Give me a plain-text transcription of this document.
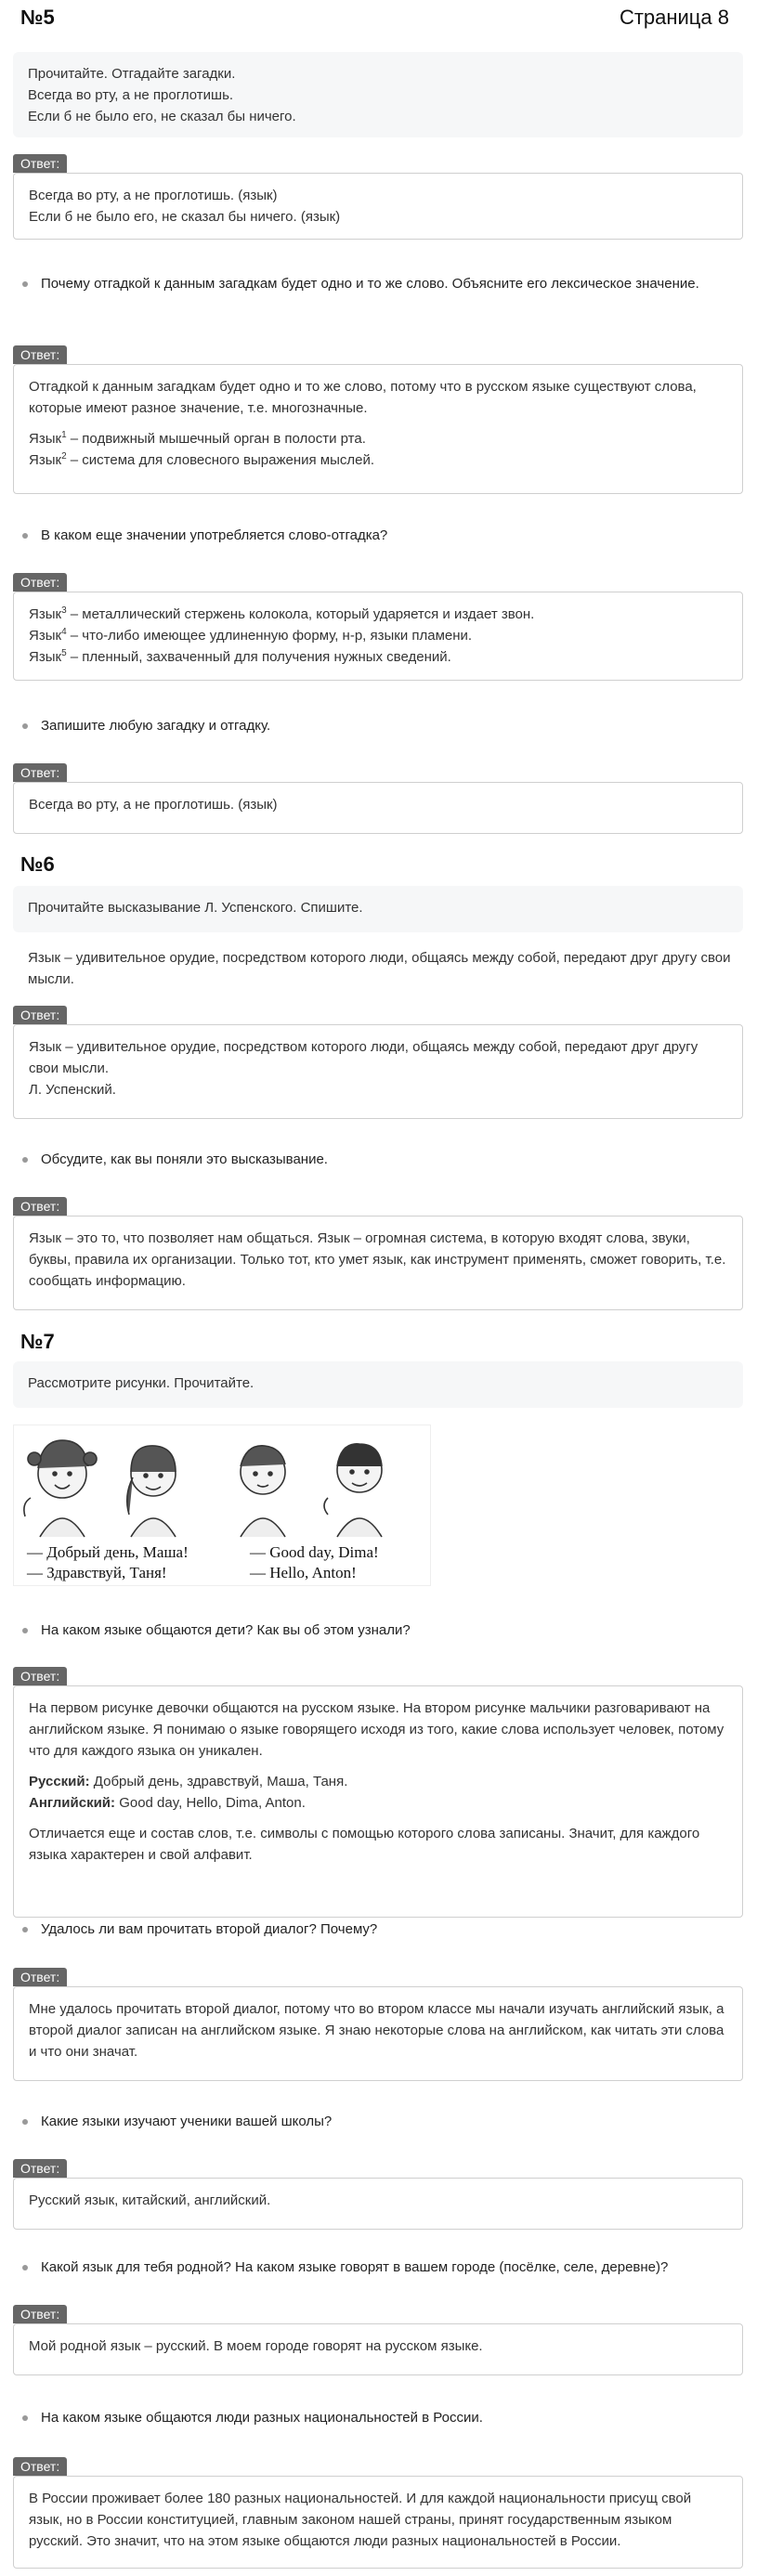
№5	Страница 8
Прочитайте. Отгадайте загадки.
Всегда во рту, а не проглотишь.
Если б не было его, не сказал бы ничего.
Ответ:

Всегда во рту, а не проглотишь. (язык)

Если б не было его, не сказал бы ничего. (язык)

Почему отгадкой к данным загадкам будет одно и то же слово. Объясните его лексическое значение.
Ответ:

Отгадкой к данным загадкам будет одно и то же слово, потому что в русском языке существуют слова, которые имеют разное значение, т.е. многозначные.

Язык$^1$ – подвижный мышечный орган в полости рта.

Язык$^2$ – система для словесного выражения мыслей.

В каком еще значении употребляется слово-отгадка?
Ответ:

Язык$^3$ – металлический стержень колокола, который ударяется и издает звон.

Язык$^4$ – что-либо имеющее удлиненную форму, н-р, языки пламени.

Язык$^5$ – пленный, захваченный для получения нужных сведений.

Запишите любую загадку и отгадку.
Ответ:

Всегда во рту, а не проглотишь. (язык)

№6
Прочитайте высказывание Л. Успенского. Спишите.
Язык – удивительное орудие, посредством которого люди, общаясь между собой, передают друг другу свои мысли.
Ответ:

Язык – удивительное орудие, посредством которого люди, общаясь между собой, передают друг другу свои мысли.

Л. Успенский.

Обсудите, как вы поняли это высказывание.
Ответ:

Язык – это то, что позволяет нам общаться. Язык – огромная система, в которую входят слова, звуки, буквы, правила их организации. Только тот, кто умет язык, как инструмент применять, сможет говорить, т.е. сообщать информацию.

№7
Рассмотрите рисунки. Прочитайте.
— Добрый день, Маша!
— Здравствуй, Таня!
— Good day, Dima!
— Hello, Anton!
На каком языке общаются дети? Как вы об этом узнали?
Ответ:

На первом рисунке девочки общаются на русском языке. На втором рисунке мальчики разговаривают на английском языке. Я понимаю о языке говорящего исходя из того, какие слова использует человек, потому что для каждого языка он уникален.

Русский: Добрый день, здравствуй, Маша, Таня.

Английский: Good day, Hello, Dima, Anton.

Отличается еще и состав слов, т.е. символы с помощью которого слова записаны. Значит, для каждого языка характерен и свой алфавит.

Удалось ли вам прочитать второй диалог? Почему?
Ответ:

Мне удалось прочитать второй диалог, потому что во втором классе мы начали изучать английский язык, а второй диалог записан на английском языке. Я знаю некоторые слова на английском, как читать эти слова и что они значат.

Какие языки изучают ученики вашей школы?
Ответ:

Русский язык, китайский, английский.

Какой язык для тебя родной? На каком языке говорят в вашем городе (посёлке, селе, деревне)?
Ответ:

Мой родной язык – русский. В моем городе говорят на русском языке.

На каком языке общаются люди разных национальностей в России.
Ответ:

В России проживает более 180 разных национальностей. И для каждой национальности присущ свой язык, но в России конституцией, главным законом нашей страны, принят государственным языком русский. Это значит, что на этом языке общаются люди разных национальностей в России.
